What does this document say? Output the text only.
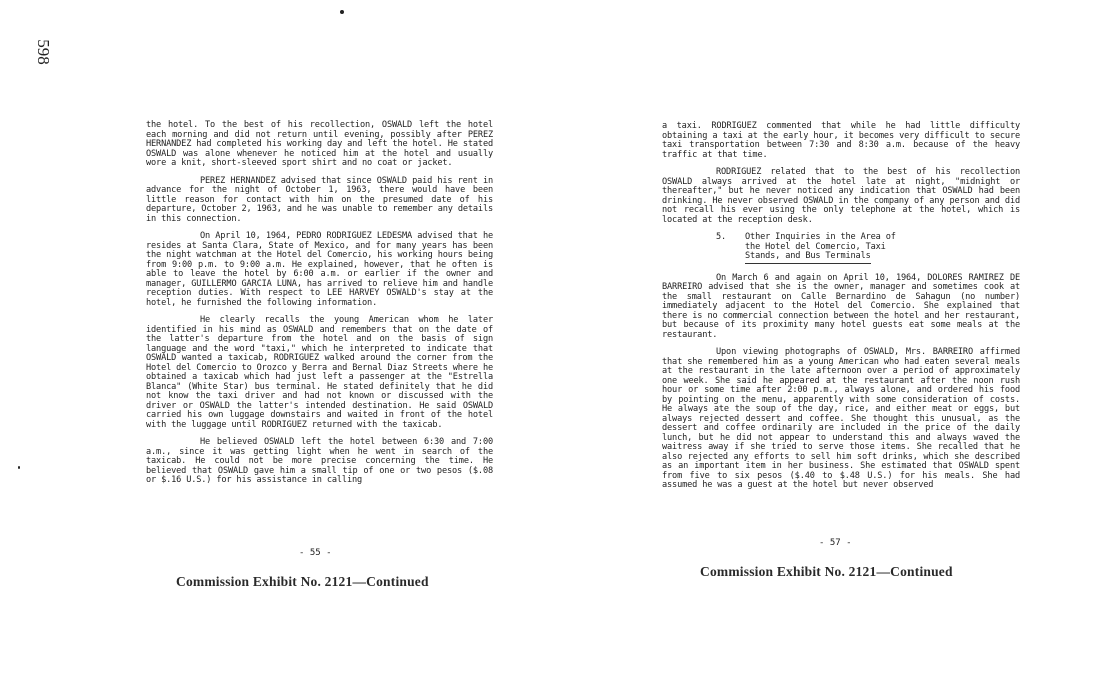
598

the hotel. To the best of his recollection, OSWALD left the hotel each morning and did not return until evening, possibly after PEREZ HERNANDEZ had completed his working day and left the hotel. He stated OSWALD was alone whenever he noticed him at the hotel and usually wore a knit, short-sleeved sport shirt and no coat or jacket.

PEREZ HERNANDEZ advised that since OSWALD paid his rent in advance for the night of October 1, 1963, there would have been little reason for contact with him on the presumed date of his departure, October 2, 1963, and he was unable to remember any details in this connection.

On April 10, 1964, PEDRO RODRIGUEZ LEDESMA advised that he resides at Santa Clara, State of Mexico, and for many years has been the night watchman at the Hotel del Comercio, his working hours being from 9:00 p.m. to 9:00 a.m. He explained, however, that he often is able to leave the hotel by 6:00 a.m. or earlier if the owner and manager, GUILLERMO GARCIA LUNA, has arrived to relieve him and handle reception duties. With respect to LEE HARVEY OSWALD's stay at the hotel, he furnished the following information.

He clearly recalls the young American whom he later identified in his mind as OSWALD and remembers that on the date of the latter's departure from the hotel and on the basis of sign language and the word "taxi," which he interpreted to indicate that OSWALD wanted a taxicab, RODRIGUEZ walked around the corner from the Hotel del Comercio to Orozco y Berra and Bernal Diaz Streets where he obtained a taxicab which had just left a passenger at the "Estrella Blanca" (White Star) bus terminal. He stated definitely that he did not know the taxi driver and had not known or discussed with the driver or OSWALD the latter's intended destination. He said OSWALD carried his own luggage downstairs and waited in front of the hotel with the luggage until RODRIGUEZ returned with the taxicab.

He believed OSWALD left the hotel between 6:30 and 7:00 a.m., since it was getting light when he went in search of the taxicab. He could not be more precise concerning the time. He believed that OSWALD gave him a small tip of one or two pesos ($.08 or $.16 U.S.) for his assistance in calling

- 55 -
Commission Exhibit No. 2121—Continued

a taxi. RODRIGUEZ commented that while he had little difficulty obtaining a taxi at the early hour, it becomes very difficult to secure taxi transportation between 7:30 and 8:30 a.m. because of the heavy traffic at that time.

RODRIGUEZ related that to the best of his recollection OSWALD always arrived at the hotel late at night, "midnight or thereafter," but he never noticed any indication that OSWALD had been drinking. He never observed OSWALD in the company of any person and did not recall his ever using the only telephone at the hotel, which is located at the reception desk.

5. Other Inquiries in the Area of
the Hotel del Comercio, Taxi
Stands, and Bus Terminals

On March 6 and again on April 10, 1964, DOLORES RAMIREZ DE BARREIRO advised that she is the owner, manager and sometimes cook at the small restaurant on Calle Bernardino de Sahagun (no number) immediately adjacent to the Hotel del Comercio. She explained that there is no commercial connection between the hotel and her restaurant, but because of its proximity many hotel guests eat some meals at the restaurant.

Upon viewing photographs of OSWALD, Mrs. BARREIRO affirmed that she remembered him as a young American who had eaten several meals at the restaurant in the late afternoon over a period of approximately one week. She said he appeared at the restaurant after the noon rush hour or some time after 2:00 p.m., always alone, and ordered his food by pointing on the menu, apparently with some consideration of costs. He always ate the soup of the day, rice, and either meat or eggs, but always rejected dessert and coffee. She thought this unusual, as the dessert and coffee ordinarily are included in the price of the daily lunch, but he did not appear to understand this and always waved the waitress away if she tried to serve those items. She recalled that he also rejected any efforts to sell him soft drinks, which she described as an important item in her business. She estimated that OSWALD spent from five to six pesos ($.40 to $.48 U.S.) for his meals. She had assumed he was a guest at the hotel but never observed

- 57 -
Commission Exhibit No. 2121—Continued
